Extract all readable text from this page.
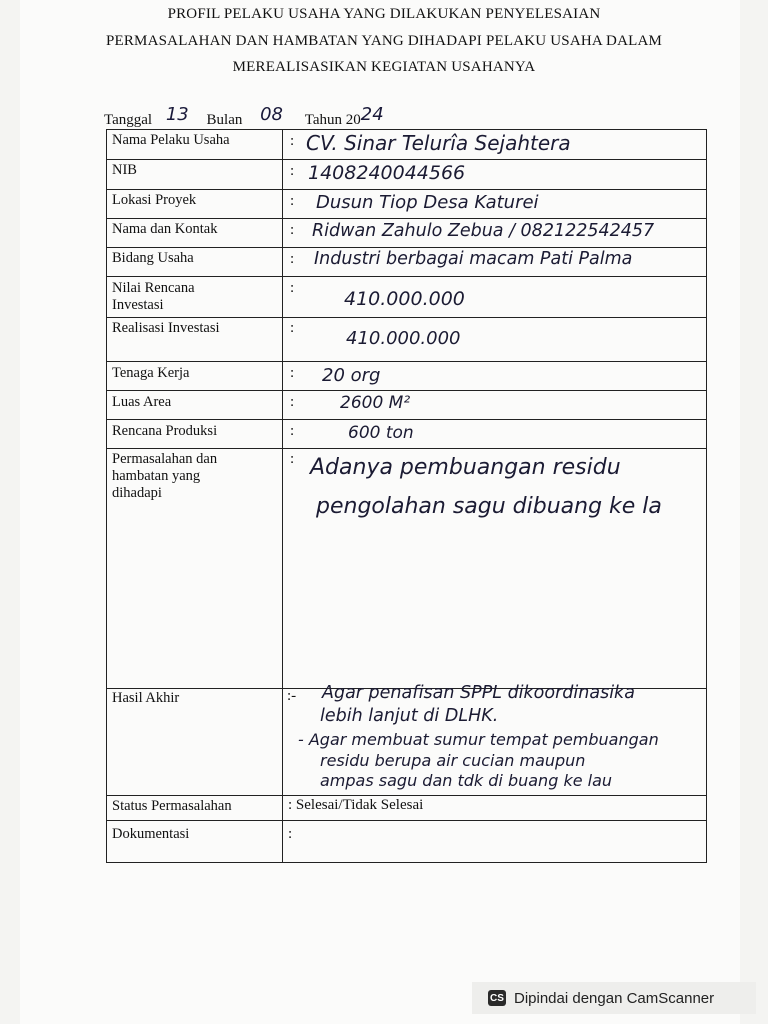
PROFIL PELAKU USAHA YANG DILAKUKAN PENYELESAIAN
PERMASALAHAN DAN HAMBATAN YANG DIHADAPI PELAKU USAHA DALAM
MEREALISASIKAN KEGIATAN USAHANYA
Tanggal 13 Bulan 08 Tahun 2024
Nama Pelaku Usaha
NIB
Lokasi Proyek
Nama dan Kontak
Bidang Usaha
Nilai Rencana
Investasi
Realisasi Investasi
Tenaga Kerja
Luas Area
Rencana Produksi
Permasalahan dan
hambatan yang
dihadapi
Hasil Akhir
Status Permasalahan
Dokumentasi
:
:
:
:
:
:
:
:
:
:
:
:-
CV. Sinar Telurîa Sejahtera
1408240044566
Dusun Tiop Desa Katurei
Ridwan Zahulo Zebua / 082122542457
Industri berbagai macam Pati Palma
410.000.000
410.000.000
20 org
2600 M²
600 ton
Adanya pembuangan residu
pengolahan sagu dibuang ke la
Agar penafisan SPPL dikoordinasika
lebih lanjut di DLHK.
- Agar membuat sumur tempat pembuangan
residu berupa air cucian maupun
ampas sagu dan tdk di buang ke lau
: Selesai/Tidak Selesai
:
CS Dipindai dengan CamScanner
